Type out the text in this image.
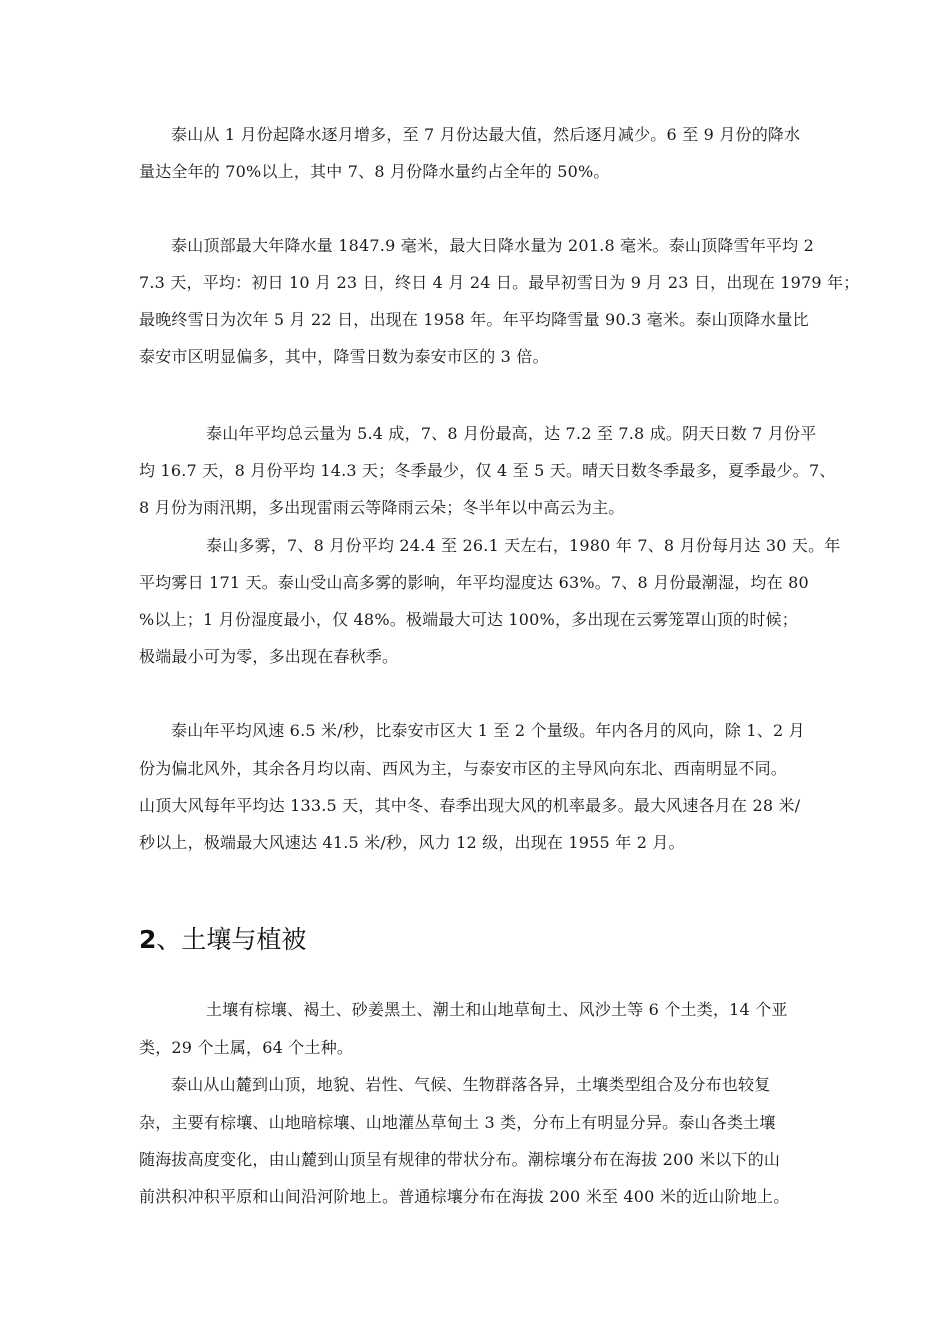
泰山从 1 月份起降水逐月增多，至 7 月份达最大值，然后逐月减少。6 至 9 月份的降水
量达全年的 70%以上，其中 7、8 月份降水量约占全年的 50%。
泰山顶部最大年降水量 1847.9 毫米，最大日降水量为 201.8 毫米。泰山顶降雪年平均 2
7.3 天，平均：初日 10 月 23 日，终日 4 月 24 日。最早初雪日为 9 月 23 日，出现在 1979 年；
最晚终雪日为次年 5 月 22 日，出现在 1958 年。年平均降雪量 90.3 毫米。泰山顶降水量比
泰安市区明显偏多，其中，降雪日数为泰安市区的 3 倍。
泰山年平均总云量为 5.4 成，7、8 月份最高，达 7.2 至 7.8 成。阴天日数 7 月份平
均 16.7 天，8 月份平均 14.3 天；冬季最少，仅 4 至 5 天。晴天日数冬季最多，夏季最少。7、
8 月份为雨汛期，多出现雷雨云等降雨云朵；冬半年以中高云为主。
泰山多雾，7、8 月份平均 24.4 至 26.1 天左右，1980 年 7、8 月份每月达 30 天。年
平均雾日 171 天。泰山受山高多雾的影响，年平均湿度达 63%。7、8 月份最潮湿，均在 80
%以上；1 月份湿度最小，仅 48%。极端最大可达 100%，多出现在云雾笼罩山顶的时候；
极端最小可为零，多出现在春秋季。
泰山年平均风速 6.5 米/秒，比泰安市区大 1 至 2 个量级。年内各月的风向，除 1、2 月
份为偏北风外，其余各月均以南、西风为主，与泰安市区的主导风向东北、西南明显不同。
山顶大风每年平均达 133.5 天，其中冬、春季出现大风的机率最多。最大风速各月在 28 米/
秒以上，极端最大风速达 41.5 米/秒，风力 12 级，出现在 1955 年 2 月。
2、土壤与植被
土壤有棕壤、褐土、砂姜黑土、潮土和山地草甸土、风沙土等 6 个土类，14 个亚
类，29 个土属，64 个土种。
泰山从山麓到山顶，地貌、岩性、气候、生物群落各异，土壤类型组合及分布也较复
杂，主要有棕壤、山地暗棕壤、山地灌丛草甸土 3 类，分布上有明显分异。泰山各类土壤
随海拔高度变化，由山麓到山顶呈有规律的带状分布。潮棕壤分布在海拔 200 米以下的山
前洪积冲积平原和山间沿河阶地上。普通棕壤分布在海拔 200 米至 400 米的近山阶地上。
